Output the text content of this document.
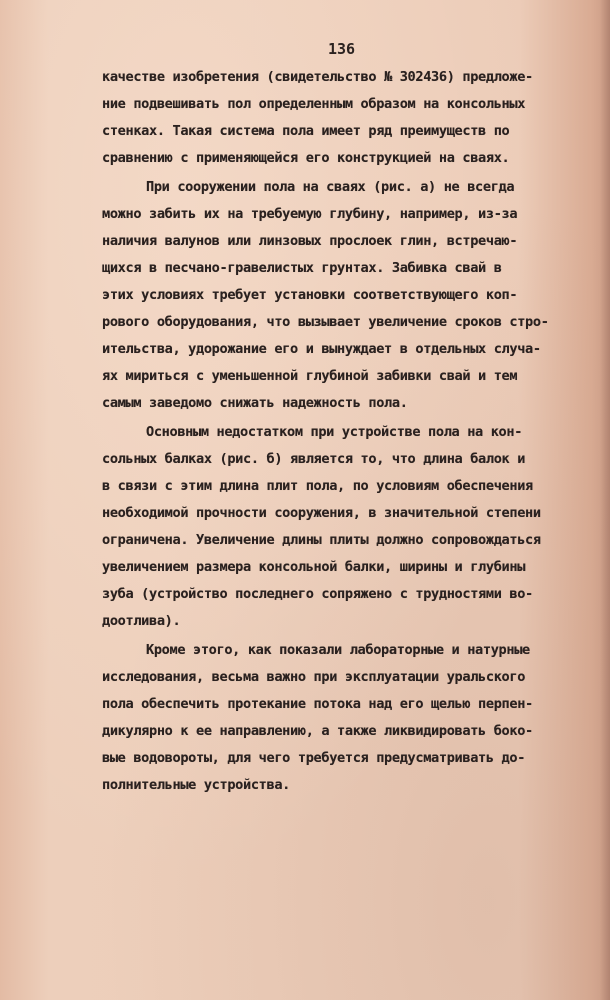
136
качестве изобретения (свидетельство № 302436) предложе-
ние подвешивать пол определенным образом на консольных
стенках. Такая система пола имеет ряд преимуществ по
сравнению с применяющейся его конструкцией на сваях.
При сооружении пола на сваях (рис. а) не всегда
можно забить их на требуемую глубину, например, из-за
наличия валунов или линзовых прослоек глин, встречаю-
щихся в песчано-гравелистых грунтах. Забивка свай в
этих условиях требует установки соответствующего коп-
рового оборудования, что вызывает увеличение сроков стро-
ительства, удорожание его и вынуждает в отдельных случа-
ях мириться с уменьшенной глубиной забивки свай и тем
самым заведомо снижать надежность пола.
Основным недостатком при устройстве пола на кон-
сольных балках (рис. б) является то, что длина балок и
в связи с этим длина плит пола, по условиям обеспечения
необходимой прочности сооружения, в значительной степени
ограничена. Увеличение длины плиты должно сопровождаться
увеличением размера консольной балки, ширины и глубины
зуба (устройство последнего сопряжено с трудностями во-
доотлива).
Кроме этого, как показали лабораторные и натурные
исследования, весьма важно при эксплуатации уральского
пола обеспечить протекание потока над его щелью перпен-
дикулярно к ее направлению, а также ликвидировать боко-
вые водовороты, для чего требуется предусматривать до-
полнительные устройства.
